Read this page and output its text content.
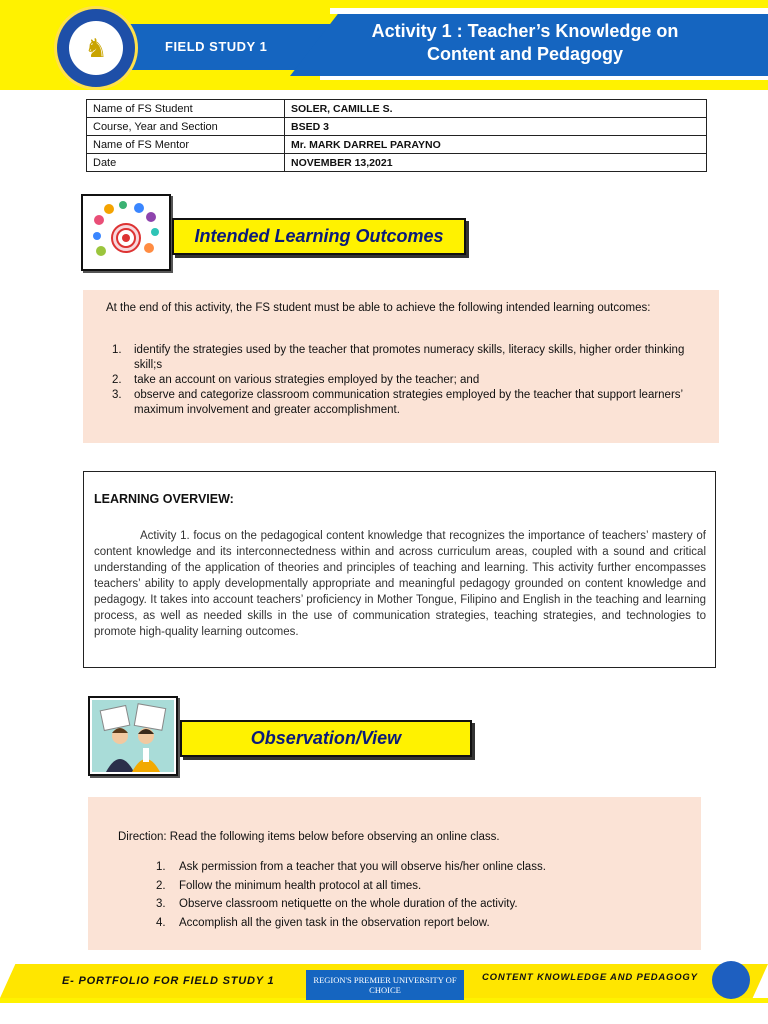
♞	FIELD STUDY 1
Activity 1 : Teacher’s Knowledge on
Content and Pedagogy
Name of FS Student	SOLER, CAMILLE S.
Course, Year and Section	BSED 3
Name of FS Mentor	Mr. MARK DARREL PARAYNO
Date	NOVEMBER 13,2021
Intended Learning Outcomes
At the end of this activity, the FS student must be able to achieve the following intended learning outcomes:
1. identify the strategies used by the teacher that promotes numeracy skills, literacy skills, higher order thinking skill;s
2. take an account on various strategies employed by the teacher; and
3. observe and categorize classroom communication strategies employed by the teacher that support learners’ maximum involvement and greater accomplishment.
LEARNING OVERVIEW:
Activity 1. focus on the pedagogical content knowledge that recognizes the importance of teachers’ mastery of content knowledge and its interconnectedness within and across curriculum areas, coupled with a sound and critical understanding of the application of theories and principles of teaching and learning. This activity further encompasses teachers’ ability to apply developmentally appropriate and meaningful pedagogy grounded on content knowledge and pedagogy. It takes into account teachers’ proficiency in Mother Tongue, Filipino and English in the teaching and learning process, as well as needed skills in the use of communication strategies, teaching strategies, and technologies to promote high-quality learning outcomes.
Observation/View
Direction: Read the following items below before observing an online class.
1. Ask permission from a teacher that you will observe his/her online class.
2. Follow the minimum health protocol at all times.
3. Observe classroom netiquette on the whole duration of the activity.
4. Accomplish all the given task in the observation report below.
E- PORTFOLIO FOR FIELD STUDY 1	REGION'S PREMIER UNIVERSITY OF CHOICE
CONTENT KNOWLEDGE AND PEDAGOGY
